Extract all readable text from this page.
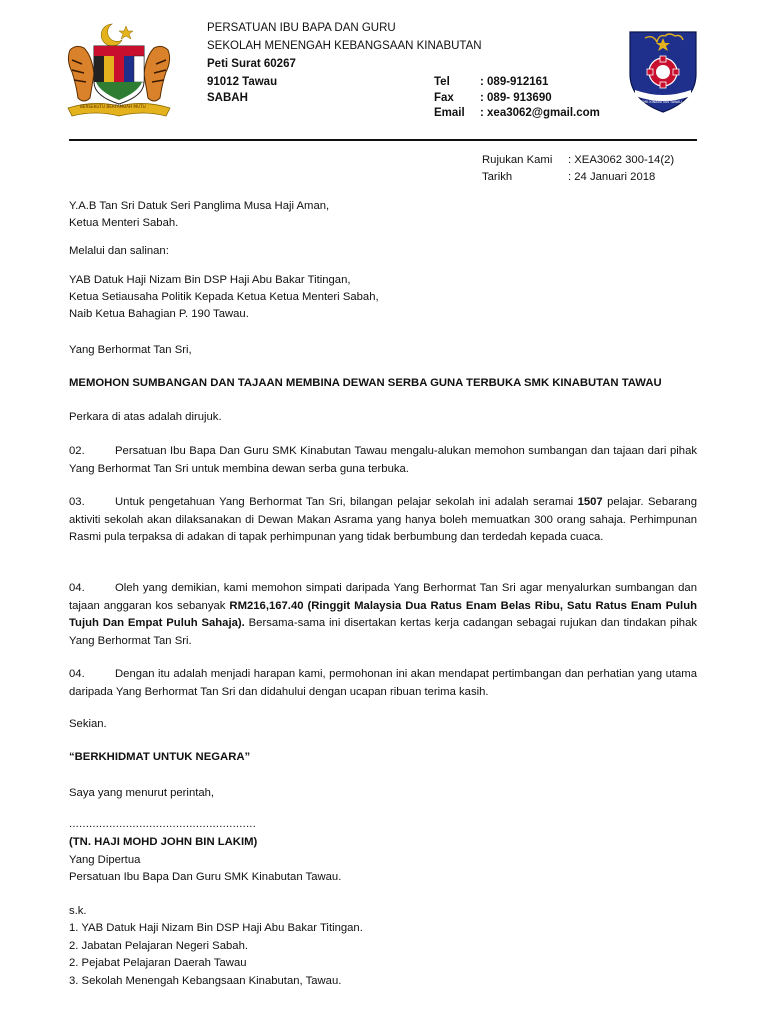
BERSEKUTU BERTAMBAH MUTU
1978
SMK KINABUTAN TAWAU
PERSATUAN IBU BAPA DAN GURU
SEKOLAH MENENGAH KEBANGSAAN KINABUTAN
Peti Surat 60267
91012 Tawau
SABAH
Tel	: 089-912161
Fax : 089- 913690
Email : xea3062@gmail.com
Rujukan Kami : XEA3062 300-14(2)
Tarikh	: 24 Januari 2018
Y.A.B Tan Sri Datuk Seri Panglima Musa Haji Aman,
Ketua Menteri Sabah.
Melalui dan salinan:
YAB Datuk Haji Nizam Bin DSP Haji Abu Bakar Titingan,
Ketua Setiausaha Politik Kepada Ketua Ketua Menteri Sabah,
Naib Ketua Bahagian P. 190 Tawau.
Yang Berhormat Tan Sri,
MEMOHON SUMBANGAN DAN TAJAAN MEMBINA DEWAN SERBA GUNA TERBUKA SMK KINABUTAN TAWAU
Perkara di atas adalah dirujuk.
02.	Persatuan Ibu Bapa Dan Guru SMK Kinabutan Tawau mengalu-alukan memohon sumbangan dan tajaan dari pihak Yang Berhormat Tan Sri untuk membina dewan serba guna terbuka.
03.	Untuk pengetahuan Yang Berhormat Tan Sri, bilangan pelajar sekolah ini adalah seramai 1507 pelajar. Sebarang aktiviti sekolah akan dilaksanakan di Dewan Makan Asrama yang hanya boleh memuatkan 300 orang sahaja. Perhimpunan Rasmi pula terpaksa di adakan di tapak perhimpunan yang tidak berbumbung dan terdedah kepada cuaca.
04.	Oleh yang demikian, kami memohon simpati daripada Yang Berhormat Tan Sri agar menyalurkan sumbangan dan tajaan anggaran kos sebanyak RM216,167.40 (Ringgit Malaysia Dua Ratus Enam Belas Ribu, Satu Ratus Enam Puluh Tujuh Dan Empat Puluh Sahaja). Bersama-sama ini disertakan kertas kerja cadangan sebagai rujukan dan tindakan pihak Yang Berhormat Tan Sri.
04.	Dengan itu adalah menjadi harapan kami, permohonan ini akan mendapat pertimbangan dan perhatian yang utama daripada Yang Berhormat Tan Sri dan didahului dengan ucapan ribuan terima kasih.
Sekian.
“BERKHIDMAT UNTUK NEGARA”
Saya yang menurut perintah,
........................................................
(TN. HAJI MOHD JOHN BIN LAKIM)
Yang Dipertua
Persatuan Ibu Bapa Dan Guru SMK Kinabutan Tawau.
s.k.
1. YAB Datuk Haji Nizam Bin DSP Haji Abu Bakar Titingan.
2. Jabatan Pelajaran Negeri Sabah.
2. Pejabat Pelajaran Daerah Tawau
3. Sekolah Menengah Kebangsaan Kinabutan, Tawau.
